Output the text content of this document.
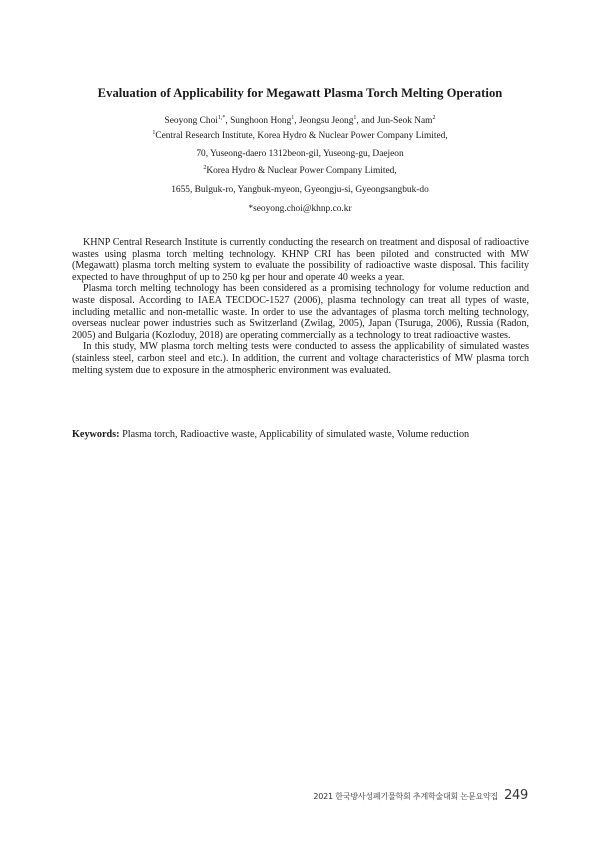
Evaluation of Applicability for Megawatt Plasma Torch Melting Operation
Seoyong Choi$^{1,*}$, Sunghoon Hong$^1$, Jeongsu Jeong$^1$, and Jun-Seok Nam$^2$
$^1$Central Research Institute, Korea Hydro & Nuclear Power Company Limited,
70, Yuseong-daero 1312beon-gil, Yuseong-gu, Daejeon
$^2$Korea Hydro & Nuclear Power Company Limited,
1655, Bulguk-ro, Yangbuk-myeon, Gyeongju-si, Gyeongsangbuk-do
*seoyong.choi@khnp.co.kr

KHNP Central Research Institute is currently conducting the research on treatment and disposal of radioactive wastes using plasma torch melting technology. KHNP CRI has been piloted and constructed with MW (Megawatt) plasma torch melting system to evaluate the possibility of radioactive waste disposal. This facility expected to have throughput of up to 250 kg per hour and operate 40 weeks a year.

Plasma torch melting technology has been considered as a promising technology for volume reduction and waste disposal. According to IAEA TECDOC-1527 (2006), plasma technology can treat all types of waste, including metallic and non-metallic waste. In order to use the advantages of plasma torch melting technology, overseas nuclear power industries such as Switzerland (Zwilag, 2005), Japan (Tsuruga, 2006), Russia (Radon, 2005) and Bulgaria (Kozloduy, 2018) are operating commercially as a technology to treat radioactive wastes.

In this study, MW plasma torch melting tests were conducted to assess the applicability of simulated wastes (stainless steel, carbon steel and etc.). In addition, the current and voltage characteristics of MW plasma torch melting system due to exposure in the atmospheric environment was evaluated.

Keywords: Plasma torch, Radioactive waste, Applicability of simulated waste, Volume reduction
2021 한국방사성폐기물학회 추계학술대회 논문요약집 249
